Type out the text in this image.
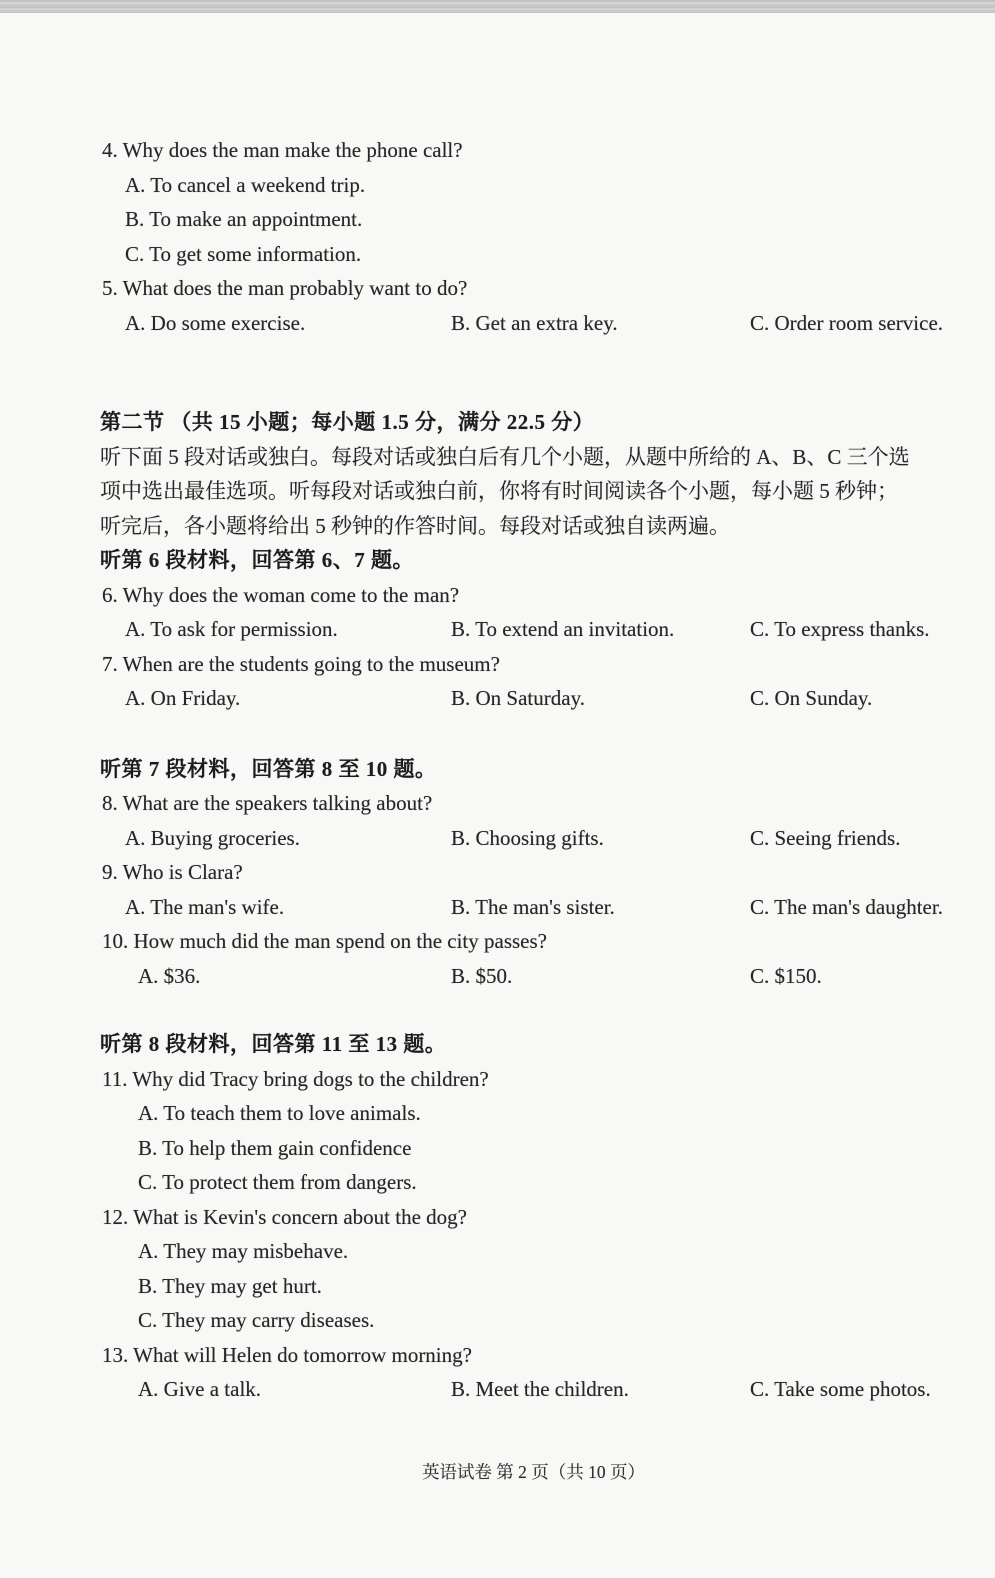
4. Why does the man make the phone call?
A. To cancel a weekend trip.
B. To make an appointment.
C. To get some information.
5. What does the man probably want to do?
A. Do some exercise.	B. Get an extra key.	C. Order room service.
第二节 （共 15 小题；每小题 1.5 分，满分 22.5 分）
听下面 5 段对话或独白。每段对话或独白后有几个小题，从题中所给的 A、B、C 三个选
项中选出最佳选项。听每段对话或独白前，你将有时间阅读各个小题，每小题 5 秒钟；
听完后，各小题将给出 5 秒钟的作答时间。每段对话或独自读两遍。
听第 6 段材料，回答第 6、7 题。
6. Why does the woman come to the man?
A. To ask for permission.	B. To extend an invitation.	C. To express thanks.
7. When are the students going to the museum?
A. On Friday.	B. On Saturday.	C. On Sunday.
听第 7 段材料，回答第 8 至 10 题。
8. What are the speakers talking about?
A. Buying groceries.	B. Choosing gifts.	C. Seeing friends.
9. Who is Clara?
A. The man's wife.	B. The man's sister.	C. The man's daughter.
10. How much did the man spend on the city passes?
A. $36.	B. $50.	C. $150.
听第 8 段材料，回答第 11 至 13 题。
11. Why did Tracy bring dogs to the children?
A. To teach them to love animals.
B. To help them gain confidence
C. To protect them from dangers.
12. What is Kevin's concern about the dog?
A. They may misbehave.
B. They may get hurt.
C. They may carry diseases.
13. What will Helen do tomorrow morning?
A. Give a talk.	B. Meet the children.	C. Take some photos.
英语试卷 第 2 页（共 10 页）
